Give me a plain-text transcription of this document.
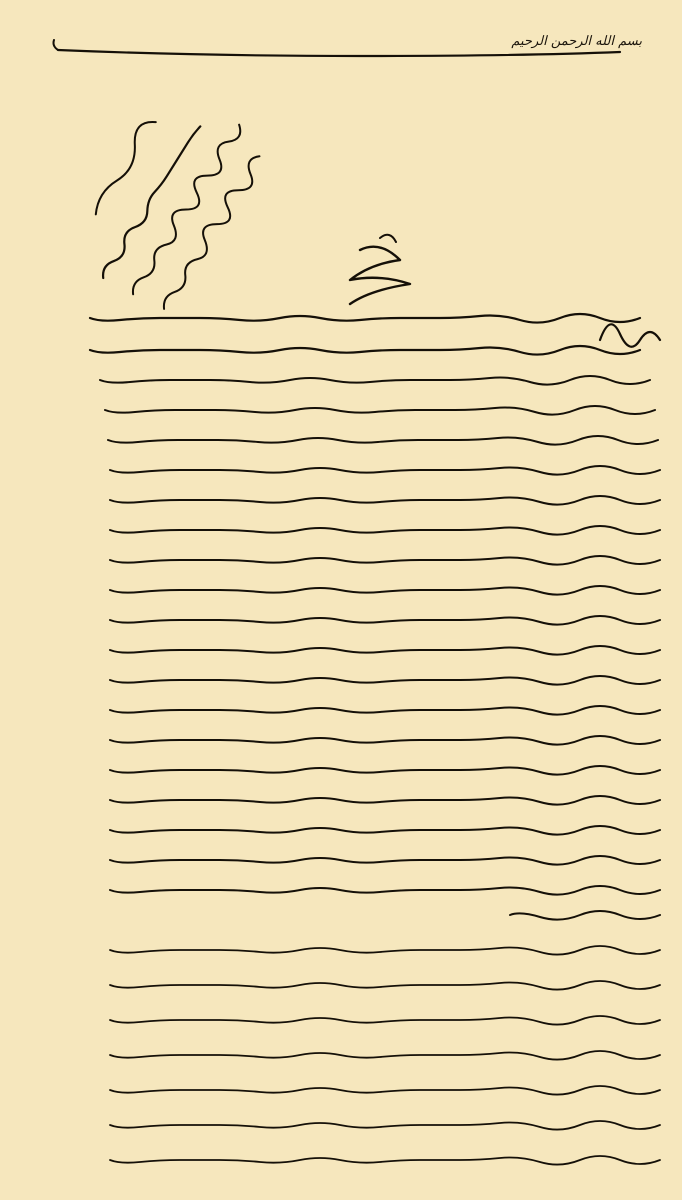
بسم الله الرحمن الرحيم
